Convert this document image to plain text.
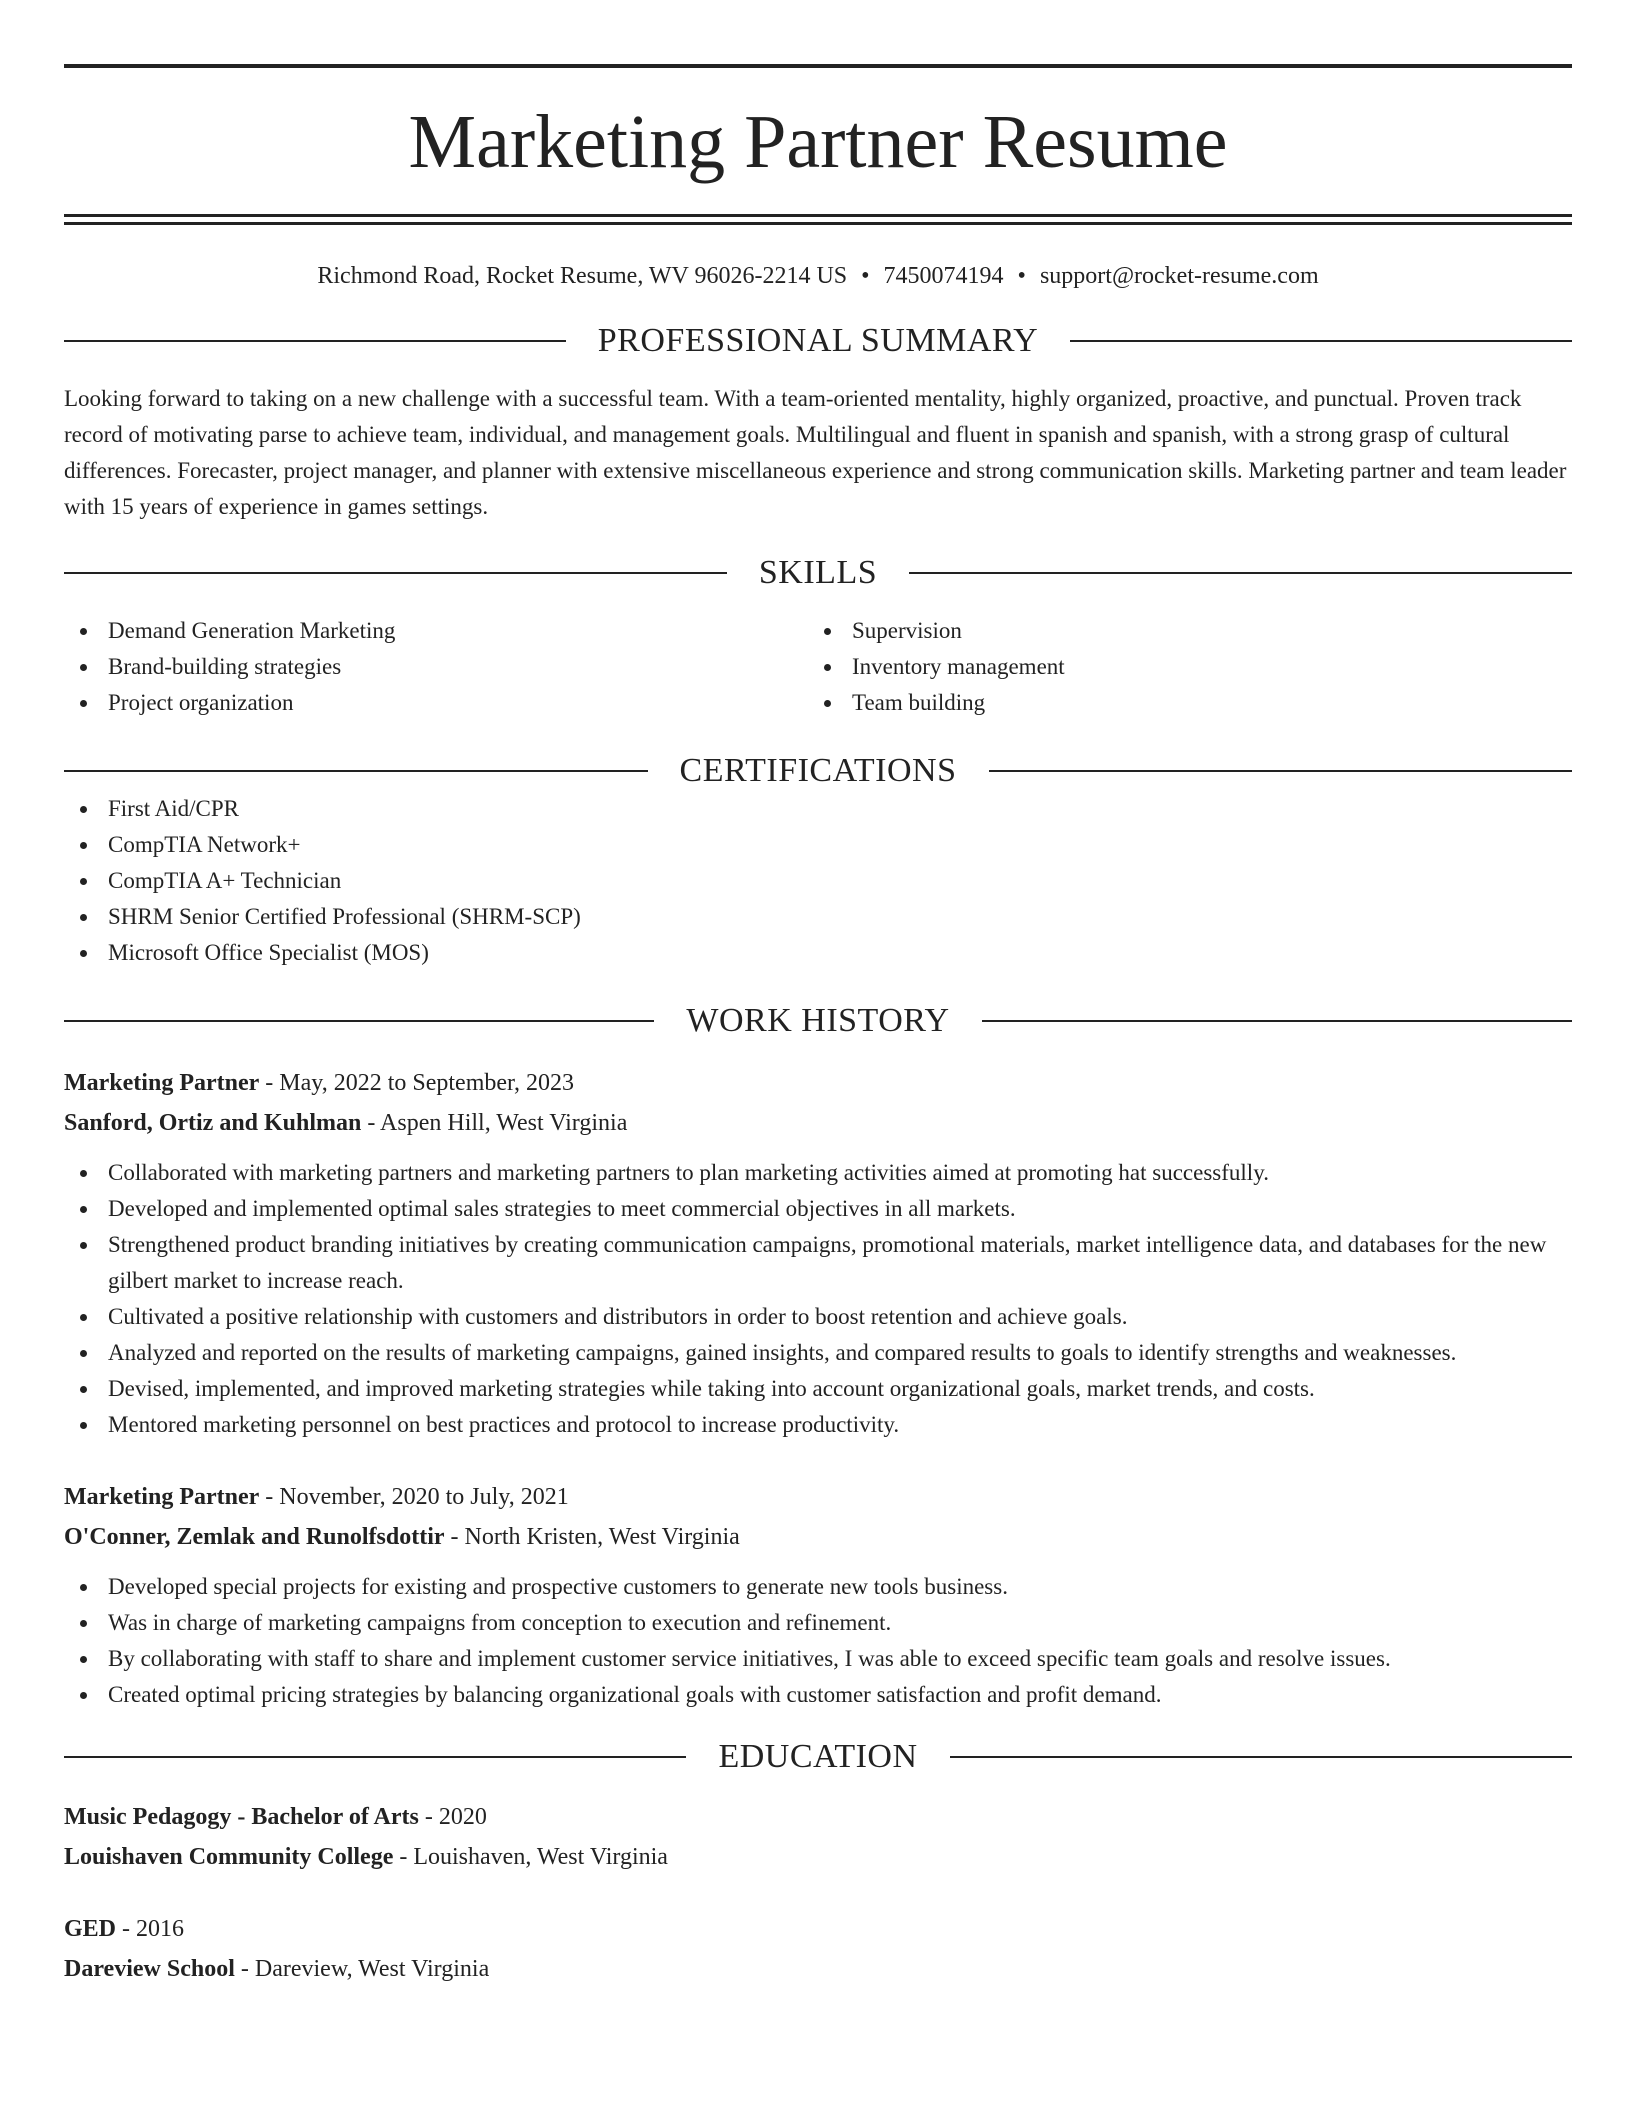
Marketing Partner Resume
Richmond Road, Rocket Resume, WV 96026-2214 US • 7450074194 • support@rocket-resume.com
PROFESSIONAL SUMMARY

Looking forward to taking on a new challenge with a successful team. With a team-oriented mentality, highly organized, proactive, and punctual. Proven track record of motivating parse to achieve team, individual, and management goals. Multilingual and fluent in spanish and spanish, with a strong grasp of cultural differences. Forecaster, project manager, and planner with extensive miscellaneous experience and strong communication skills. Marketing partner and team leader with 15 years of experience in games settings.

SKILLS
Demand Generation Marketing
Brand-building strategies
Project organization
Supervision
Inventory management
Team building
CERTIFICATIONS
First Aid/CPR
CompTIA Network+
CompTIA A+ Technician
SHRM Senior Certified Professional (SHRM-SCP)
Microsoft Office Specialist (MOS)
WORK HISTORY
Marketing Partner - May, 2022 to September, 2023
Sanford, Ortiz and Kuhlman - Aspen Hill, West Virginia
Collaborated with marketing partners and marketing partners to plan marketing activities aimed at promoting hat successfully.
Developed and implemented optimal sales strategies to meet commercial objectives in all markets.
Strengthened product branding initiatives by creating communication campaigns, promotional materials, market intelligence data, and databases for the new gilbert market to increase reach.
Cultivated a positive relationship with customers and distributors in order to boost retention and achieve goals.
Analyzed and reported on the results of marketing campaigns, gained insights, and compared results to goals to identify strengths and weaknesses.
Devised, implemented, and improved marketing strategies while taking into account organizational goals, market trends, and costs.
Mentored marketing personnel on best practices and protocol to increase productivity.
Marketing Partner - November, 2020 to July, 2021
O'Conner, Zemlak and Runolfsdottir - North Kristen, West Virginia
Developed special projects for existing and prospective customers to generate new tools business.
Was in charge of marketing campaigns from conception to execution and refinement.
By collaborating with staff to share and implement customer service initiatives, I was able to exceed specific team goals and resolve issues.
Created optimal pricing strategies by balancing organizational goals with customer satisfaction and profit demand.
EDUCATION
Music Pedagogy - Bachelor of Arts - 2020
Louishaven Community College - Louishaven, West Virginia
GED - 2016
Dareview School - Dareview, West Virginia
